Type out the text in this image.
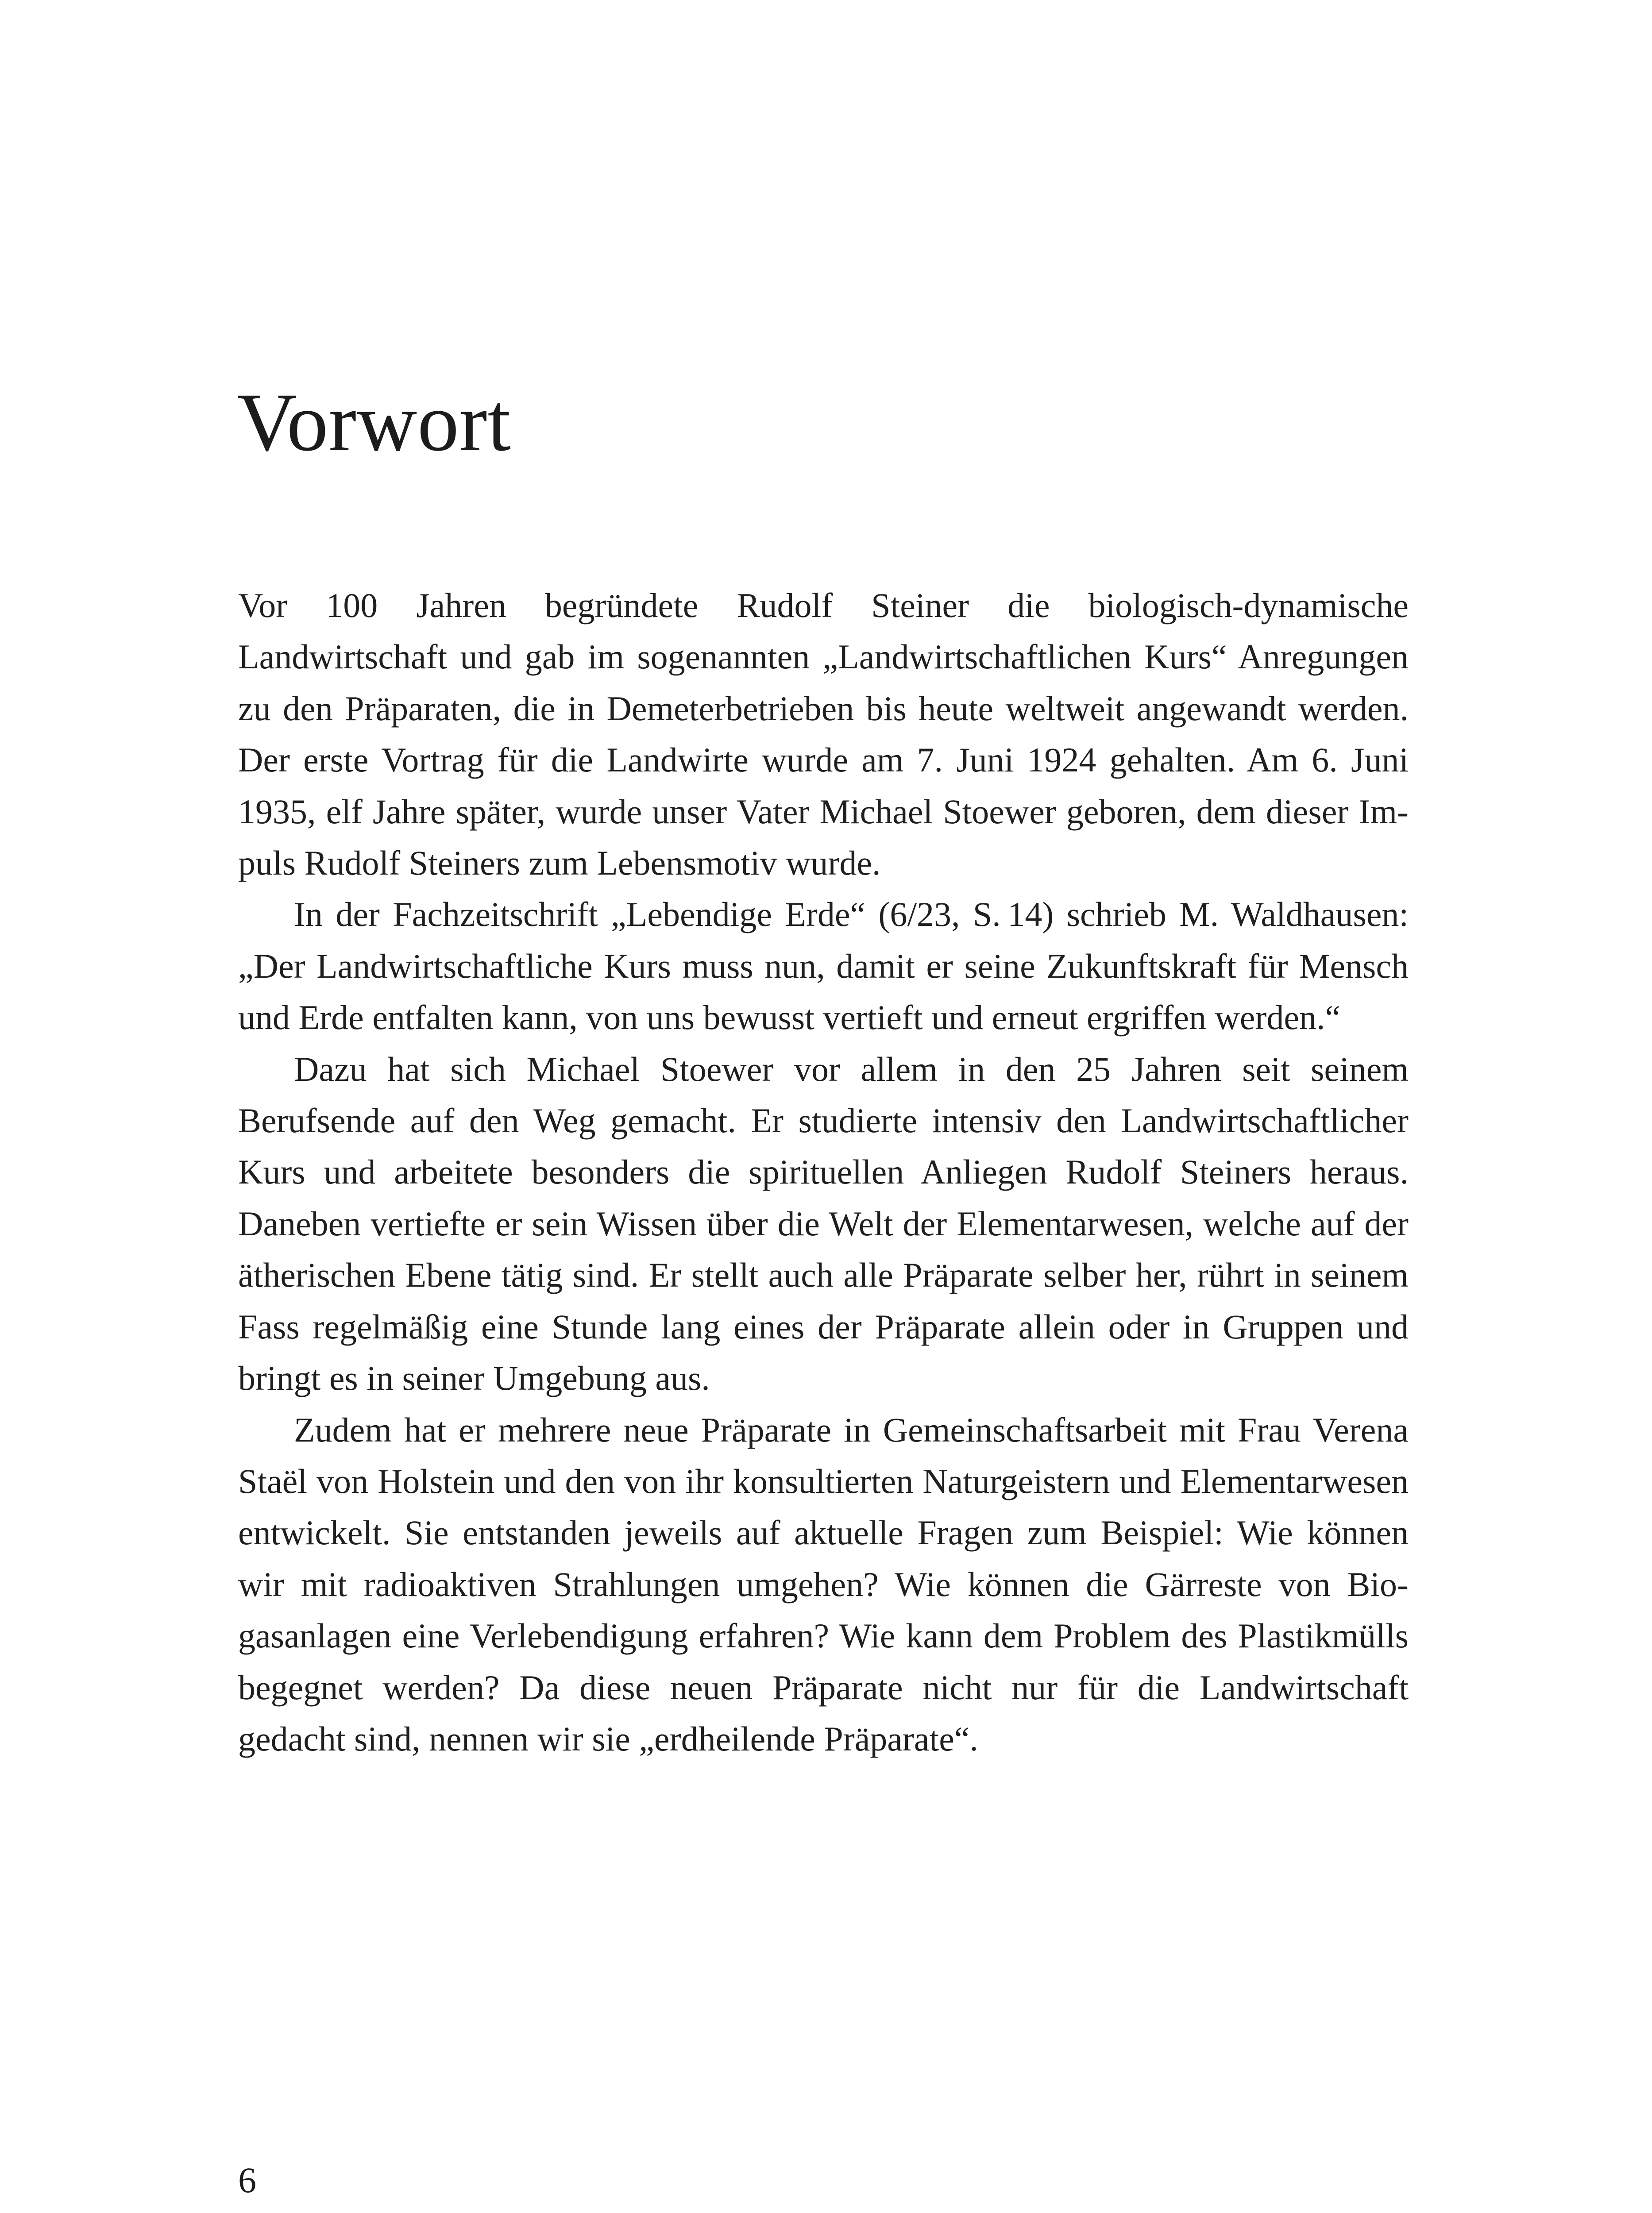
Vorwort

Vor 100 Jahren begründete Rudolf Steiner die biologisch-dynamische Landwirtschaft und gab im sogenannten „Landwirtschaftlichen Kurs“ Anregungen zu den Präparaten, die in Demeterbetrieben bis heute weltweit angewandt werden. Der erste Vortrag für die Landwirte wurde am 7. Juni 1924 gehalten. Am 6. Juni 1935, elf Jahre später, wurde unser Vater Michael Stoewer geboren, dem dieser Impuls Rudolf Steiners zum Lebensmotiv wurde.

In der Fachzeitschrift „Lebendige Erde“ (6/23, S. 14) schrieb M. Waldhausen: „Der Landwirtschaftliche Kurs muss nun, damit er seine Zukunftskraft für Mensch und Erde entfalten kann, von uns bewusst vertieft und erneut ergriffen werden.“

Dazu hat sich Michael Stoewer vor allem in den 25 Jahren seit seinem Berufsende auf den Weg gemacht. Er studierte intensiv den Landwirtschaftlicher Kurs und arbeitete besonders die spirituellen Anliegen Rudolf Steiners heraus. Daneben vertiefte er sein Wissen über die Welt der Elementarwesen, welche auf der ätherischen Ebene tätig sind. Er stellt auch alle Präparate selber her, rührt in seinem Fass regelmäßig eine Stunde lang eines der Präparate allein oder in Gruppen und bringt es in seiner Umgebung aus.

Zudem hat er mehrere neue Präparate in Gemeinschaftsarbeit mit Frau Verena Staël von Holstein und den von ihr konsultierten Naturgeistern und Elementarwesen entwickelt. Sie entstanden jeweils auf aktuelle Fragen zum Beispiel: Wie können wir mit radioaktiven Strahlungen umgehen? Wie können die Gärreste von Biogasanlagen eine Verlebendigung erfahren? Wie kann dem Problem des Plastikmülls begegnet werden? Da diese neuen Präparate nicht nur für die Landwirtschaft gedacht sind, nennen wir sie „erdheilende Präparate“.

6
